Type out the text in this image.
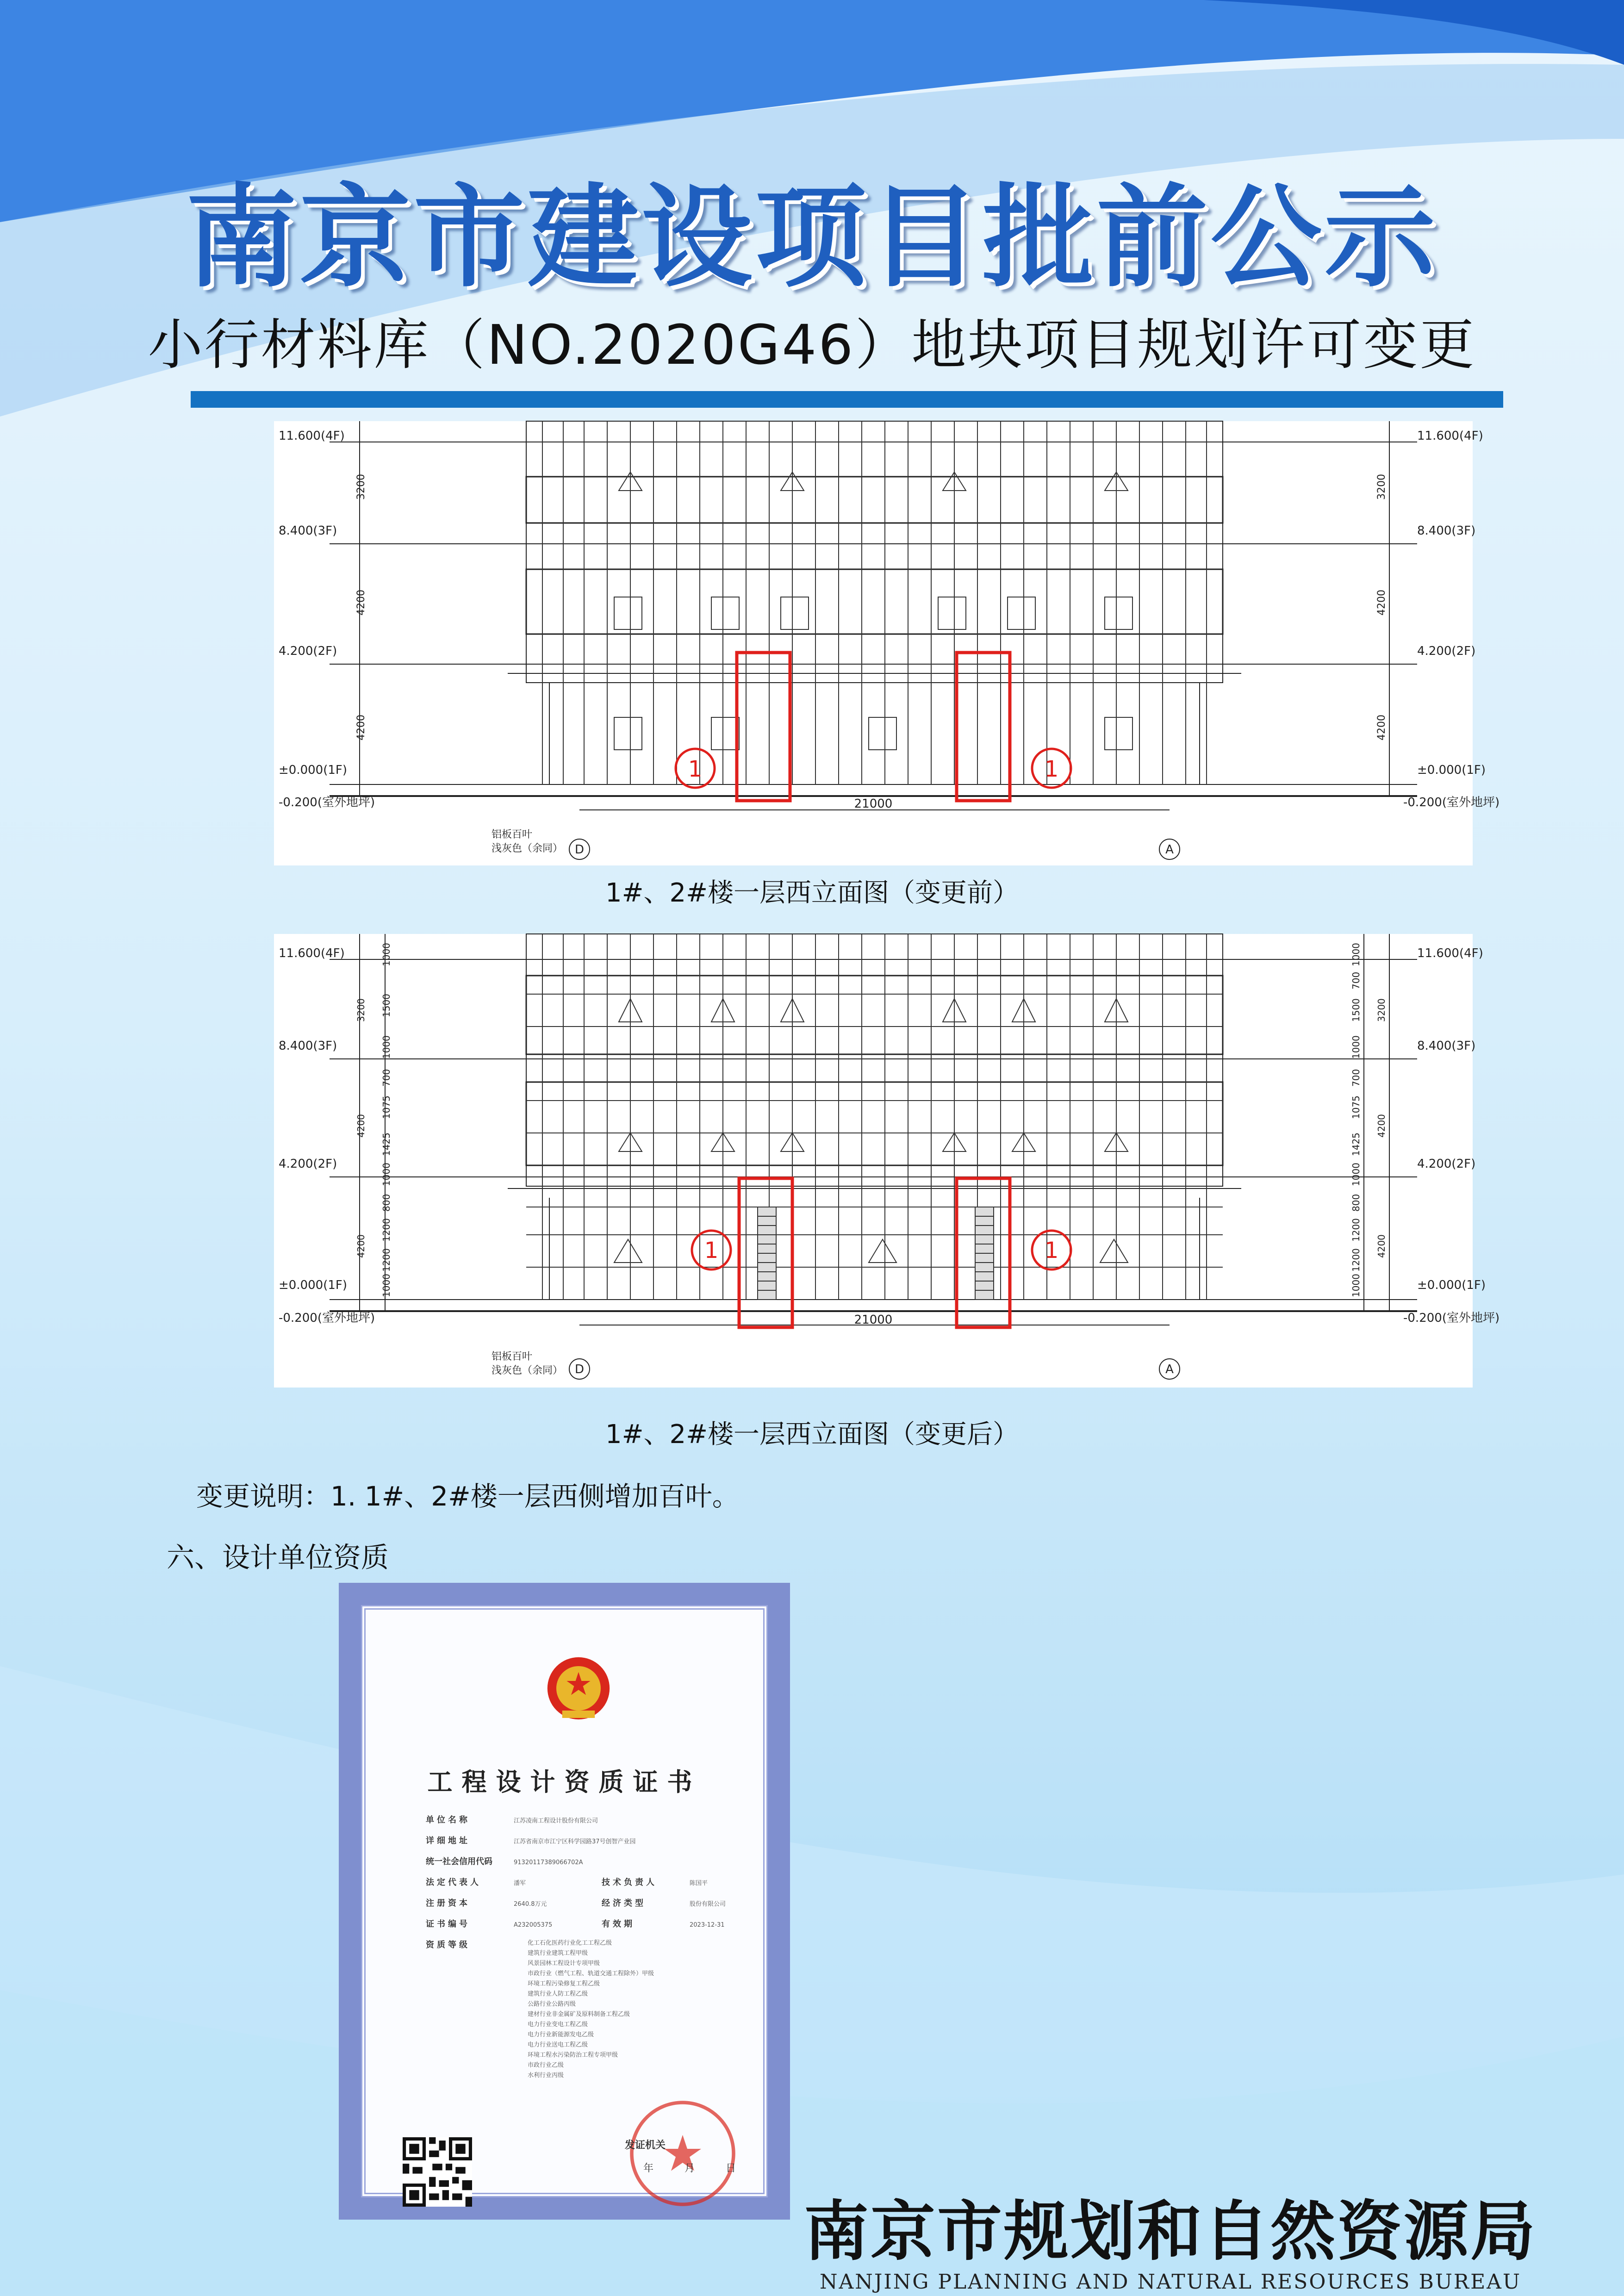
南京市建设项目批前公示
小行材料库（NO.2020G46）地块项目规划许可变更
1	1
11.600(4F)
8.400(3F)
4.200(2F)
±0.000(1F)
-0.200(室外地坪)
11.600(4F)
8.400(3F)
4.200(2F)
±0.000(1F)
-0.200(室外地坪)
21000
铝板百叶
浅灰色（余同）
3200
4200
4200
3200
4200
4200
D	A
1#、2#楼一层西立面图（变更前）
1	1
11.600(4F)
8.400(3F)
4.200(2F)
±0.000(1F)
-0.200(室外地坪)
11.600(4F)
8.400(3F)
4.200(2F)
±0.000(1F)
-0.200(室外地坪)
21000
铝板百叶
浅灰色（余同）
3200
4200
4200
3200
4200
4200
1000
1500
1000
700
1075
1425
1000
800
1200
1200
1000
1000
700
1500
1000
700
1075
1425
1000
800
1200
1200
1000
D	A
1#、2#楼一层西立面图（变更后）
变更说明：1. 1#、2#楼一层西侧增加百叶。
六、设计单位资质
工程设计资质证书
单位名称	江苏凌南工程设计股份有限公司
详细地址	江苏省南京市江宁区科学园路37号创智产业园
统一社会信用代码	91320117389066702A
法定代表人	潘军	技术负责人	陈国平
注册资本	2640.8万元	经济类型	股份有限公司
证书编号	A232005375	有效期	2023-12-31
资质等级	化工石化医药行业化工工程乙级
建筑行业建筑工程甲级
风景园林工程设计专项甲级
市政行业（燃气工程、轨道交通工程除外）甲级
环境工程污染修复工程乙级
建筑行业人防工程乙级
公路行业公路丙级
建材行业非金属矿及原料制备工程乙级
电力行业变电工程乙级
电力行业新能源发电乙级
电力行业送电工程乙级
环境工程水污染防治工程专项甲级
市政行业乙级
水利行业丙级
发证机关
年 月 日
南京市规划和自然资源局
NANJING PLANNING AND NATURAL RESOURCES BUREAU
